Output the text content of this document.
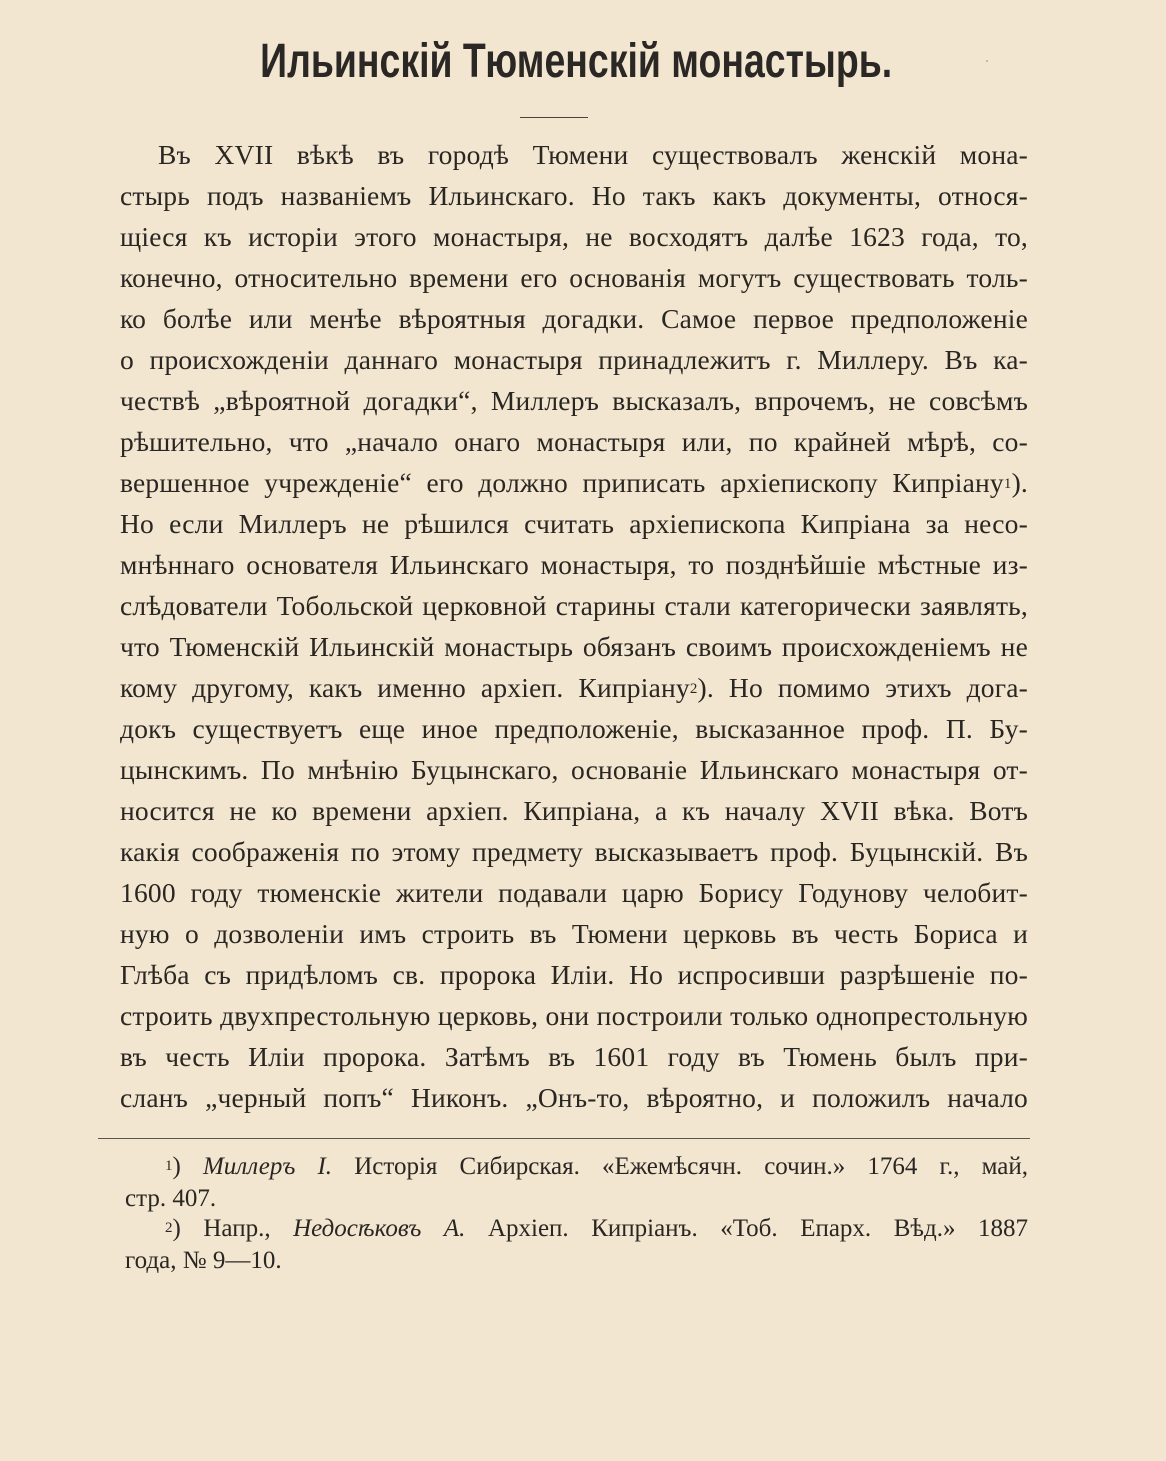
Ильинскій Тюменскій монастырь.
Въ XVII вѣкѣ въ городѣ Тюмени существовалъ женскій мона-
стырь подъ названіемъ Ильинскаго. Но такъ какъ документы, относя-
щіеся къ исторіи этого монастыря, не восходятъ далѣе 1623 года, то,
конечно, относительно времени его основанія могутъ существовать толь-
ко болѣе или менѣе вѣроятныя догадки. Самое первое предположеніе
о происхожденіи даннаго монастыря принадлежитъ г. Миллеру. Въ ка-
чествѣ „вѣроятной догадки“, Миллеръ высказалъ, впрочемъ, не совсѣмъ
рѣшительно, что „начало онаго монастыря или, по крайней мѣрѣ, со-
вершенное учрежденіе“ его должно приписать архіепископу Кипріану$^1$).
Но если Миллеръ не рѣшился считать архіепископа Кипріана за несо-
мнѣннаго основателя Ильинскаго монастыря, то позднѣйшіе мѣстные из-
слѣдователи Тобольской церковной старины стали категорически заявлять,
что Тюменскій Ильинскій монастырь обязанъ своимъ происхожденіемъ не
кому другому, какъ именно архіеп. Кипріану$^2$). Но помимо этихъ дога-
докъ существуетъ еще иное предположеніе, высказанное проф. П. Бу-
цынскимъ. По мнѣнію Буцынскаго, основаніе Ильинскаго монастыря от-
носится не ко времени архіеп. Кипріана, а къ началу XVII вѣка. Вотъ
какія соображенія по этому предмету высказываетъ проф. Буцынскій. Въ
1600 году тюменскіе жители подавали царю Борису Годунову челобит-
ную о дозволеніи имъ строить въ Тюмени церковь въ честь Бориса и
Глѣба съ придѣломъ св. пророка Иліи. Но испросивши разрѣшеніе по-
строить двухпрестольную церковь, они построили только однопрестольную
въ честь Иліи пророка. Затѣмъ въ 1601 году въ Тюмень былъ при-
сланъ „черный попъ“ Никонъ. „Онъ-то, вѣроятно, и положилъ начало
$^1$) Миллеръ I. Исторія Сибирская. «Ежемѣсячн. сочин.» 1764 г., май,
стр. 407.
$^2$) Напр., Недосѣковъ А. Архіеп. Кипріанъ. «Тоб. Епарх. Вѣд.» 1887
года, № 9—10.
